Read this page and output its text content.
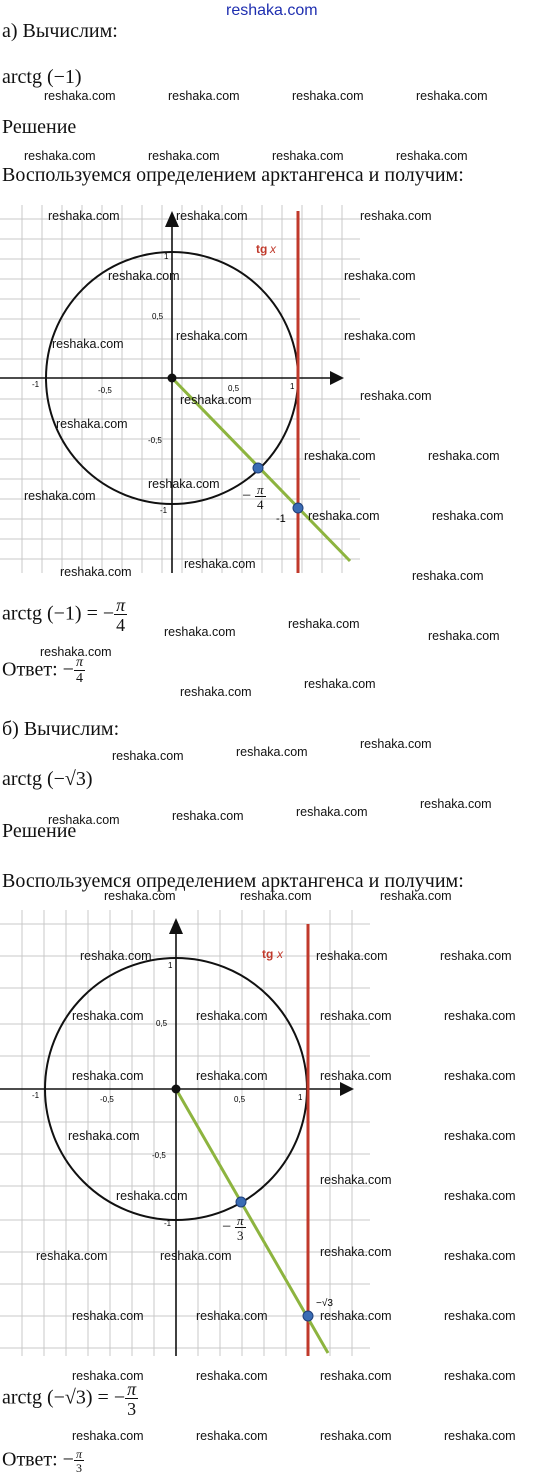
reshaka.com
а) Вычислим:
arctg (−1)
Решение
Воспользуемся определением арктангенса и получим:
tg x
-1
-0,5	0,5	1
1
0,5
-0,5
-1
-1
− $\frac{\pi}{4}$
arctg (−1) = − $\frac{\pi}{4}$
Ответ: − $\frac{\pi}{4}$
б) Вычислим:
arctg (−√3)
Решение
Воспользуемся определением арктангенса и получим:
tg x
-1	-0,5	0,5	1
1
0,5
-0,5
-1
−√3
− $\frac{\pi}{3}$
arctg (−√3) = − $\frac{\pi}{3}$
Ответ: − $\frac{\pi}{3}$
reshaka.com	reshaka.com	reshaka.com	reshaka.com
reshaka.com	reshaka.com	reshaka.com	reshaka.com
reshaka.com	reshaka.com	reshaka.com
reshaka.com	reshaka.com
reshaka.com	reshaka.com
reshaka.com
reshaka.com	reshaka.com
reshaka.com
reshaka.com	reshaka.com
reshaka.com
reshaka.com
reshaka.com	reshaka.com
reshaka.com
reshaka.com	reshaka.com
reshaka.com
reshaka.com	reshaka.com
reshaka.com
reshaka.com
reshaka.com
reshaka.com
reshaka.com
reshaka.com
reshaka.com
reshaka.com
reshaka.com
reshaka.com
reshaka.com	reshaka.com	reshaka.com
reshaka.com	reshaka.com	reshaka.com
reshaka.com	reshaka.com	reshaka.com	reshaka.com
reshaka.com	reshaka.com	reshaka.com	reshaka.com
reshaka.com	reshaka.com
reshaka.com
reshaka.com	reshaka.com
reshaka.com
reshaka.com	reshaka.com	reshaka.com
reshaka.com	reshaka.com	reshaka.com	reshaka.com
reshaka.com	reshaka.com	reshaka.com	reshaka.com
reshaka.com	reshaka.com	reshaka.com	reshaka.com
